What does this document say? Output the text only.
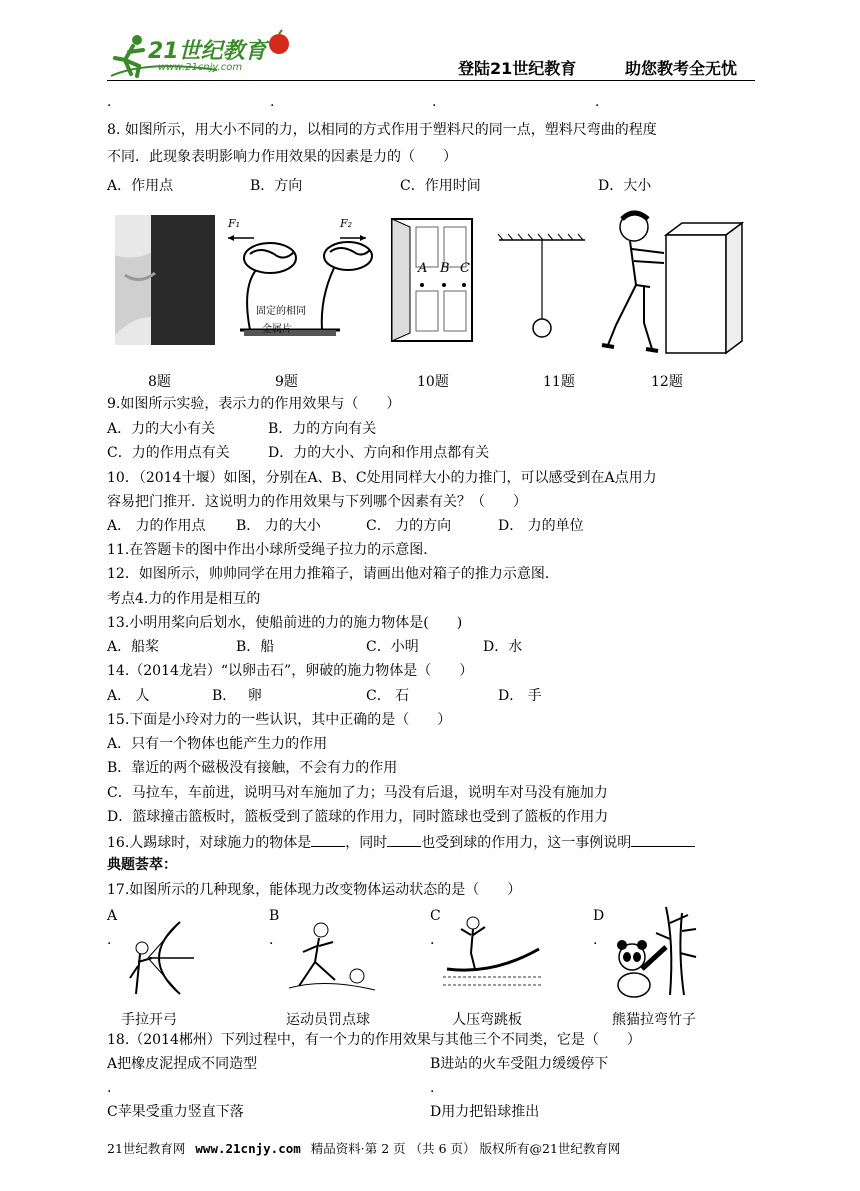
21世纪教育
www.21cnjy.com	登陆21世纪教育	助您教考全无忧
.	.	.	.
8. 如图所示，用大小不同的力，以相同的方式作用于塑料尺的同一点，塑料尺弯曲的程度
不同．此现象表明影响力作用效果的因素是力的（　　）
A．作用点	B．方向	C．作用时间	D．大小
F₁	F₂
固定的相同
金属片
A B C
8题	9题	10题	11题	12题
9.如图所示实验，表示力的作用效果与（　　）
A．力的大小有关	B．力的方向有关
C．力的作用点有关	D．力的大小、方向和作用点都有关
10．（2014十堰）如图，分别在A、B、C处用同样大小的力推门，可以感受到在A点用力
容易把门推开．这说明力的作用效果与下列哪个因素有关？（　　）
A． 力的作用点 B． 力的大小	C． 力的方向	D． 力的单位
11.在答题卡的图中作出小球所受绳子拉力的示意图．
12．如图所示，帅帅同学在用力推箱子，请画出他对箱子的推力示意图．
考点4.力的作用是相互的
13.小明用桨向后划水，使船前进的力的施力物体是(　　)
A．船桨	B．船	C．小明	D．水
14.（2014龙岩）“以卵击石”，卵破的施力物体是（　　）
A． 人	B．　 卵	C． 石	D． 手
15.下面是小玲对力的一些认识，其中正确的是（　　）
A．只有一个物体也能产生力的作用
B．靠近的两个磁极没有接触，不会有力的作用
C．马拉车，车前进，说明马对车施加了力；马没有后退，说明车对马没有施加力
D．篮球撞击篮板时，篮板受到了篮球的作用力，同时篮球也受到了篮板的作用力
16.人踢球时，对球施力的物体是 ，同时 也受到球的作用力，这一事例说明
典题荟萃：
17.如图所示的几种现象，能体现力改变物体运动状态的是（　　）
A	B	C	D
.	.	.	.
手拉开弓	运动员罚点球	人压弯跳板	熊猫拉弯竹子
18.（2014郴州）下列过程中，有一个力的作用效果与其他三个不同类，它是（　　）
A把橡皮泥捏成不同造型	B进站的火车受阻力缓缓停下
.	.
C苹果受重力竖直下落	D用力把铅球推出
21世纪教育网 www.21cnjy.com 精品资料·第 2 页 （共 6 页） 版权所有@21世纪教育网
